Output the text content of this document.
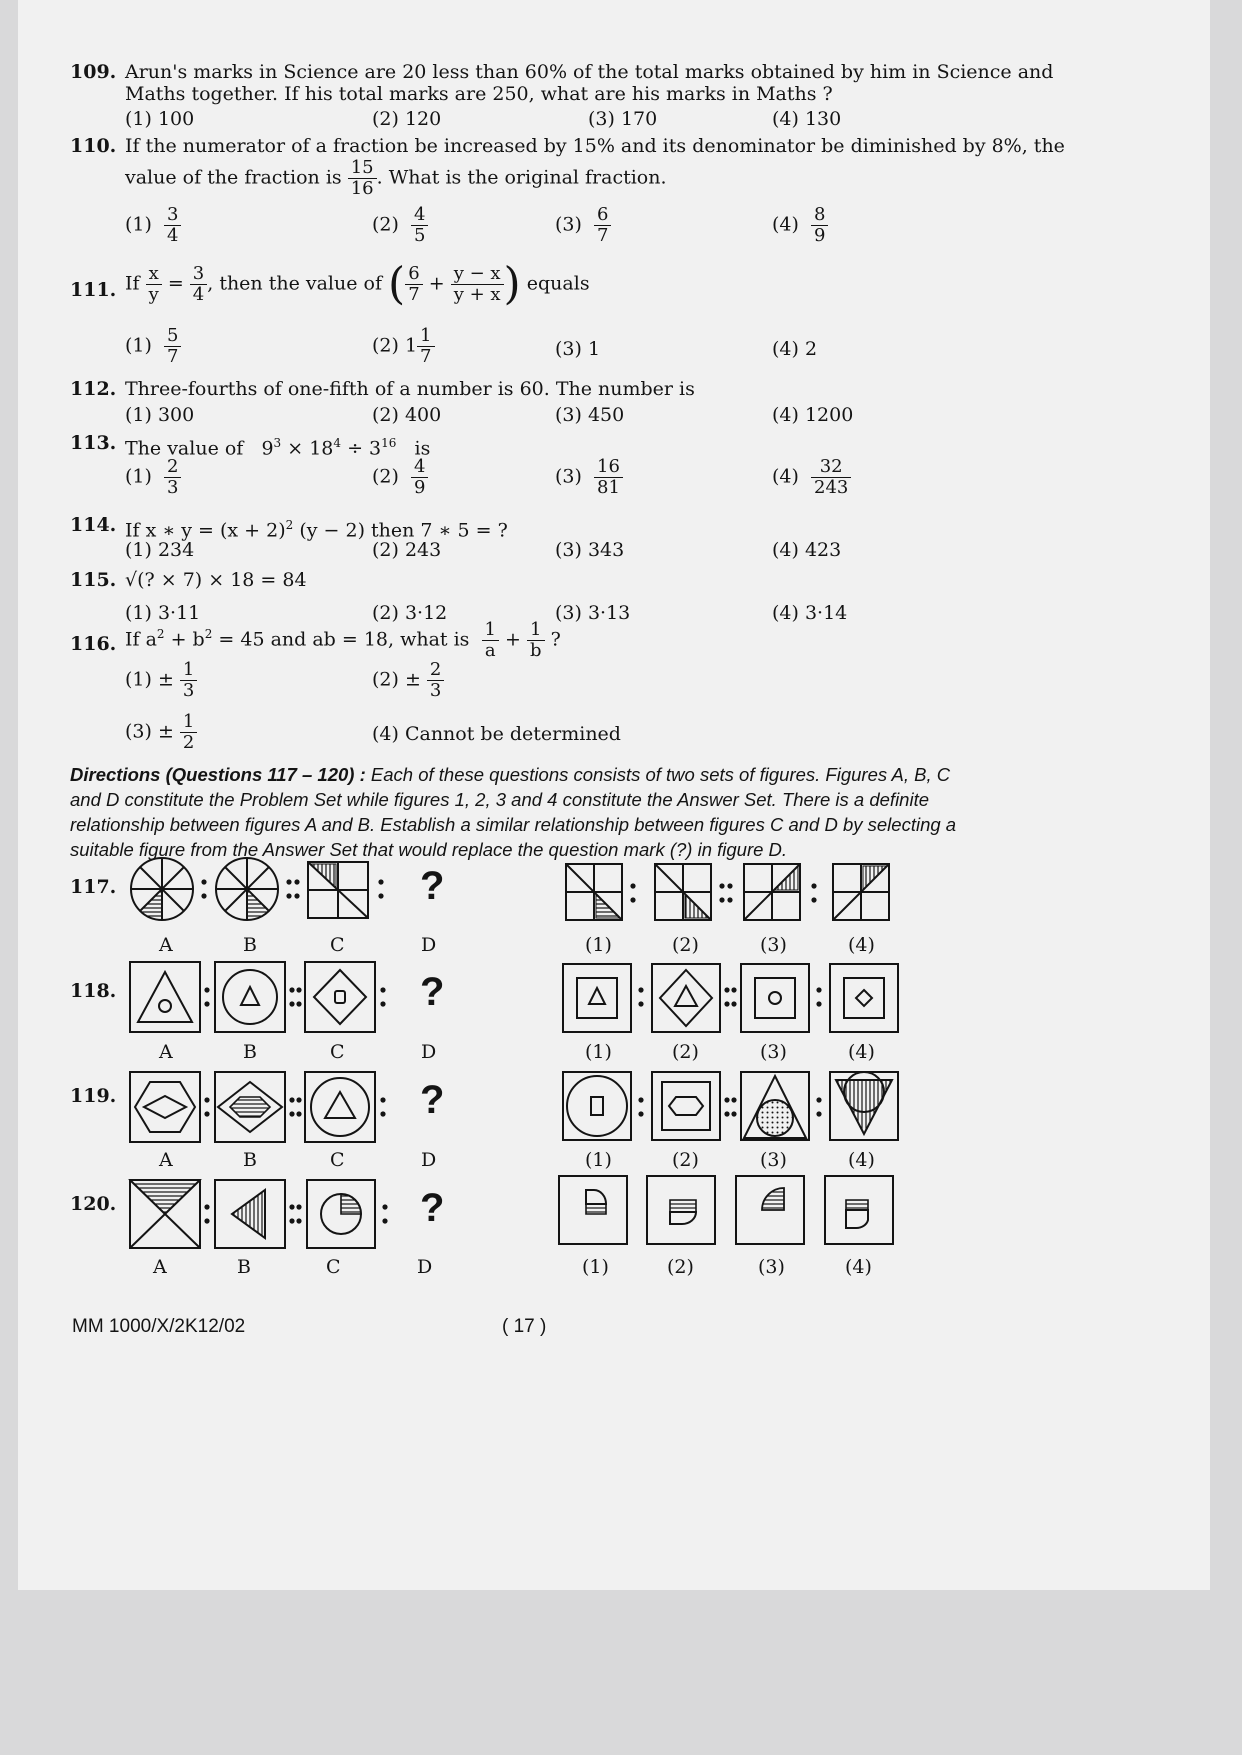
109. Arun's marks in Science are 20 less than 60% of the total marks obtained by him in Science and
Maths together. If his total marks are 250, what are his marks in Maths ?
(1) 100	(2) 120	(3) 170	(4) 130
110. If the numerator of a fraction be increased by 15% and its denominator be diminished by 8%, the
value of the fraction is $\frac{15}{16}$ . What is the original fraction.
$(1) \frac{3}{4}$	$(2) \frac{4}{5}$	$(3) \frac{6}{7}$	$(4) \frac{8}{9}$
111. If $\frac{x}{y} = \frac{3}{4}$ , then the value of ( $\frac{6}{7} + \frac{y - x}{y + x}$ ) equals
$(1) \frac{5}{7}$	(2) $1 \frac{1}{7}$	(3) 1	(4) 2
112. Three-fourths of one-fifth of a number is 60. The number is
(1) 300	(2) 400	(3) 450	(4) 1200
113. The value of $9^3 \times 18^4 \div 3^{16}$ is
$(1) \frac{2}{3}$	$(2) \frac{4}{9}$	$(3) \frac{16}{81}$	$(4) \frac{32}{243}$
114. If x ∗ $y = (x + 2)^2$ (y − 2) then 7 ∗ 5 = ?
(1) 234	(2) 243	(3) 343	(4) 423
115. √(? × 7) × 18 = 84
(1) 3·11	(2) 3·12	(3) 3·13	(4) 3·14
116. If $a^2 + b^2 = 45$ and ab = 18, what is $\frac{1}{a} + \frac{1}{b}$ ?
$(1) \pm \frac{1}{3}$	$(2) \pm \frac{2}{3}$
$(3) \pm \frac{1}{2}$	(4) Cannot be determined
Directions (Questions 117 – 120) : Each of these questions consists of two sets of figures. Figures A, B, C and D constitute the Problem Set while figures 1, 2, 3 and 4 constitute the Answer Set. There is a definite relationship between figures A and B. Establish a similar relationship between figures C and D by selecting a suitable figure from the Answer Set that would replace the question mark (?) in figure D.
117.
118.
119.
120.
A	B	C	D	(1)	(2)	(3)	(4)
A	B	C	D	(1)	(2)	(3)	(4)
A	B	C	D	(1)	(2)	(3)	(4)
A	B	C	D	(1)	(2)	(3)	(4)
?
?
?
?
MM 1000/X/2K12/02	( 17 )
